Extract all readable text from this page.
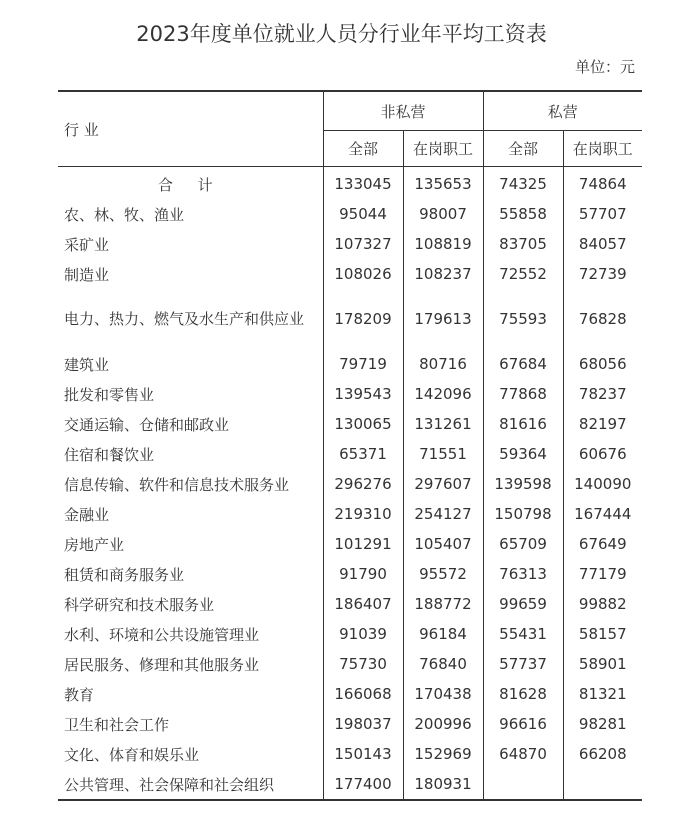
2023年度单位就业人员分行业年平均工资表
单位：元
行 业	非私营		私营	
	全部	在岗职工	全部	在岗职工
合 计	133045	135653	74325	74864
农、林、牧、渔业	95044	98007	55858	57707
采矿业	107327	108819	83705	84057
制造业	108026	108237	72552	72739
电力、热力、燃气及水生产和供应业	178209	179613	75593	76828
建筑业	79719	80716	67684	68056
批发和零售业	139543	142096	77868	78237
交通运输、仓储和邮政业	130065	131261	81616	82197
住宿和餐饮业	65371	71551	59364	60676
信息传输、软件和信息技术服务业	296276	297607	139598	140090
金融业	219310	254127	150798	167444
房地产业	101291	105407	65709	67649
租赁和商务服务业	91790	95572	76313	77179
科学研究和技术服务业	186407	188772	99659	99882
水利、环境和公共设施管理业	91039	96184	55431	58157
居民服务、修理和其他服务业	75730	76840	57737	58901
教育	166068	170438	81628	81321
卫生和社会工作	198037	200996	96616	98281
文化、体育和娱乐业	150143	152969	64870	66208
公共管理、社会保障和社会组织	177400	180931		
